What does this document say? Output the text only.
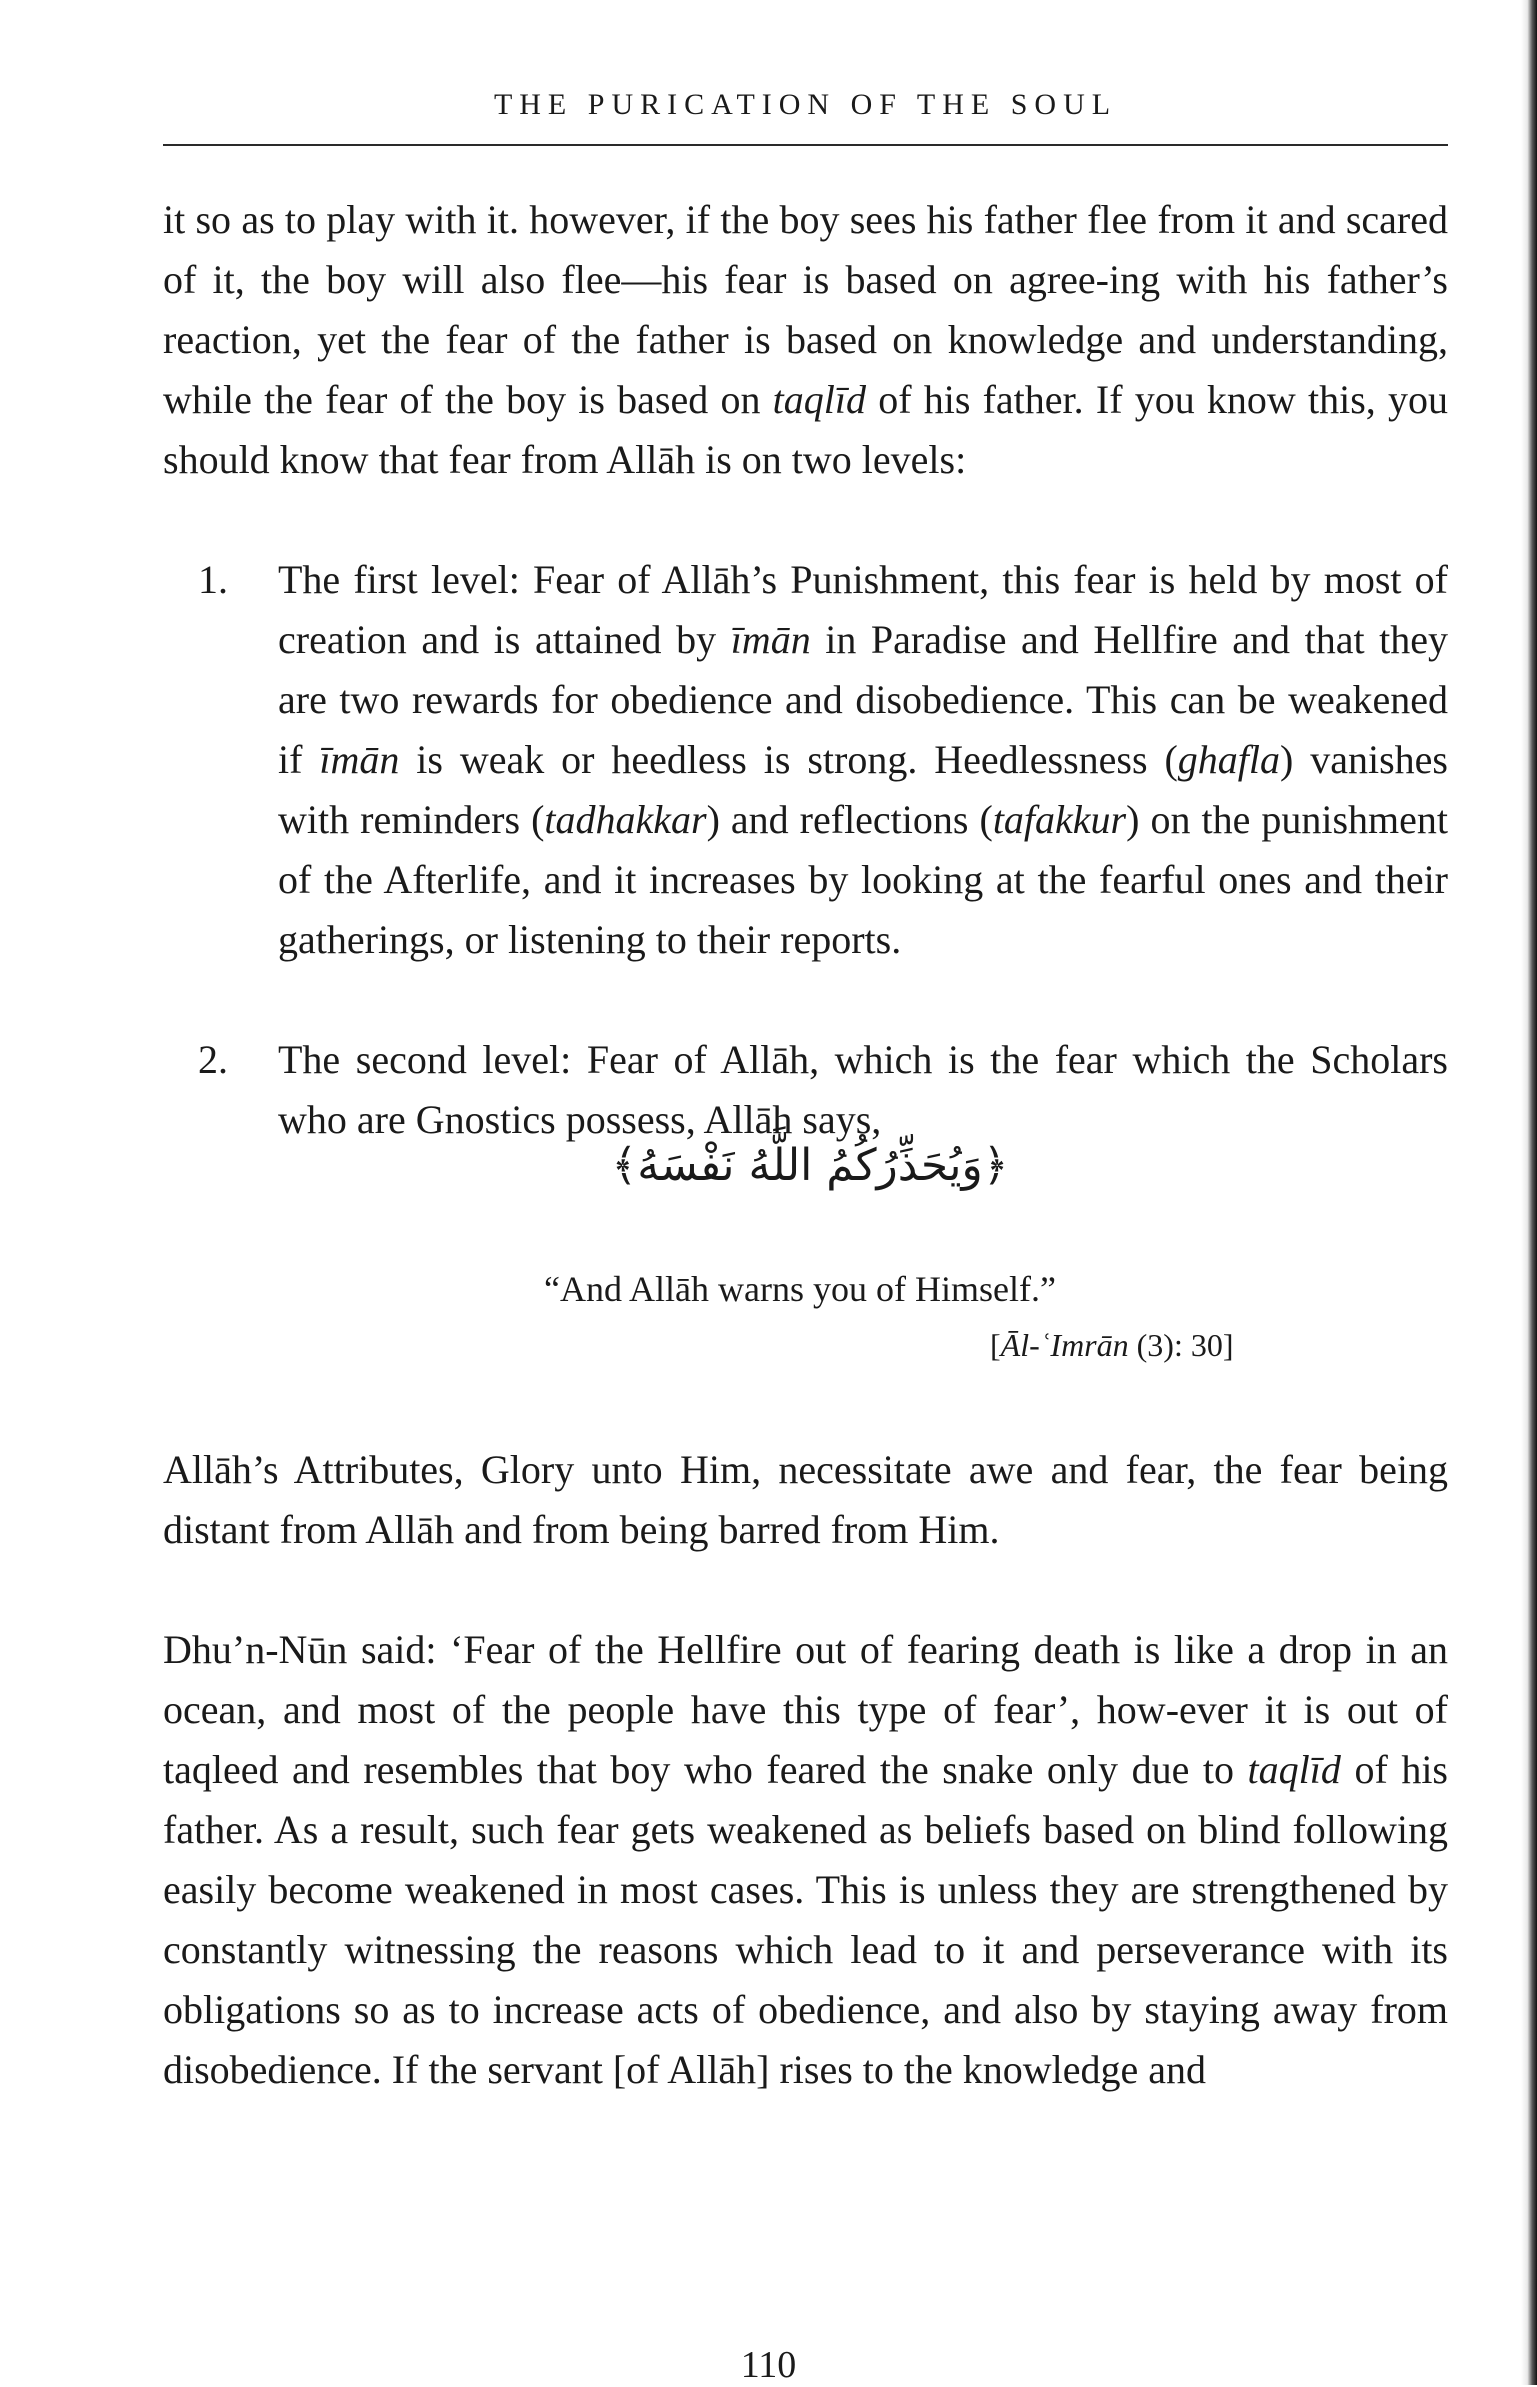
THE PURICATION OF THE SOUL

it so as to play with it. however, if the boy sees his father flee from it and scared of it, the boy will also flee—his fear is based on agree-ing with his father’s reaction, yet the fear of the father is based on knowledge and understanding, while the fear of the boy is based on taqlīd of his father. If you know this, you should know that fear from Allāh is on two levels:

1. The first level: Fear of Allāh’s Punishment, this fear is held by most of creation and is attained by īmān in Paradise and Hellfire and that they are two rewards for obedience and disobedience. This can be weakened if īmān is weak or heedless is strong. Heedlessness (ghafla) vanishes with reminders (tadhakkar) and reflections (tafakkur) on the punishment of the Afterlife, and it increases by looking at the fearful ones and their gatherings, or listening to their reports.

2. The second level: Fear of Allāh, which is the fear which the Scholars who are Gnostics possess, Allāh says,

﴿وَيُحَذِّرُكُمُ اللَّهُ نَفْسَهُ﴾
“And Allāh warns you of Himself.”
[Āl-ʿImrān (3): 30]

Allāh’s Attributes, Glory unto Him, necessitate awe and fear, the fear being distant from Allāh and from being barred from Him.

Dhu’n-Nūn said: ‘Fear of the Hellfire out of fearing death is like a drop in an ocean, and most of the people have this type of fear’, how-ever it is out of taqleed and resembles that boy who feared the snake only due to taqlīd of his father. As a result, such fear gets weakened as beliefs based on blind following easily become weakened in most cases. This is unless they are strengthened by constantly witnessing the reasons which lead to it and perseverance with its obligations so as to increase acts of obedience, and also by staying away from disobedience. If the servant [of Allāh] rises to the knowledge and

110
